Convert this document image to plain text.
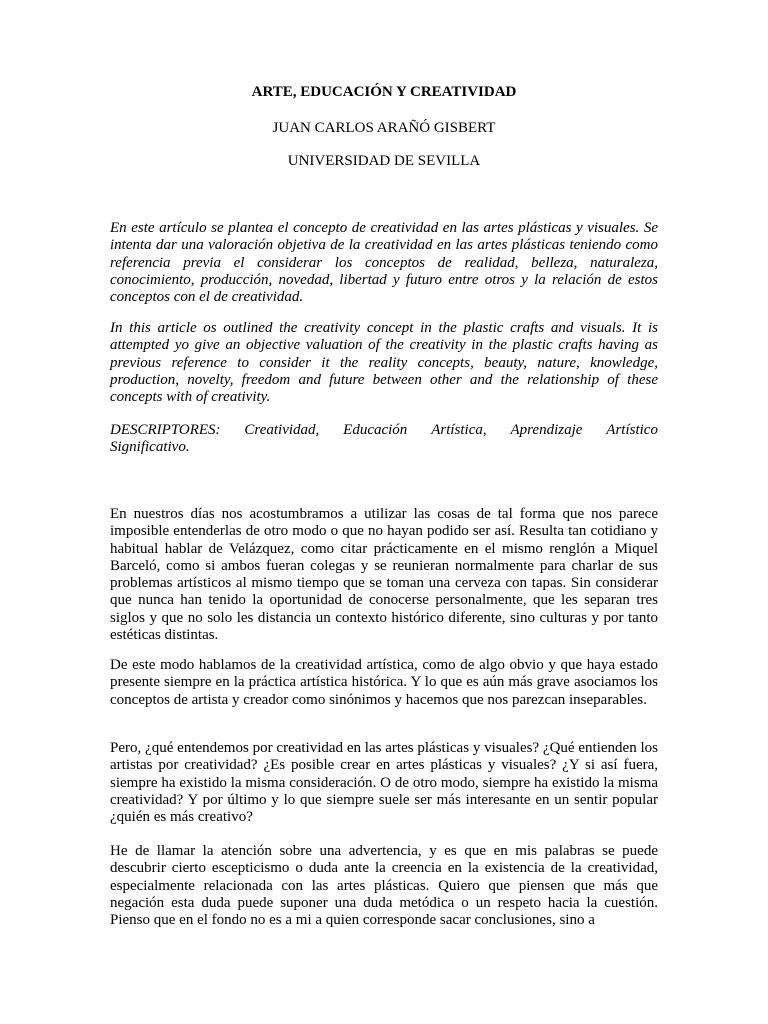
ARTE, EDUCACIÓN Y CREATIVIDAD
JUAN CARLOS ARAÑÓ GISBERT
UNIVERSIDAD DE SEVILLA

En este artículo se plantea el concepto de creatividad en las artes plásticas y visuales. Se intenta dar una valoración objetiva de la creatividad en las artes plásticas teniendo como referencia previa el considerar los conceptos de realidad, belleza, naturaleza, conocimiento, producción, novedad, libertad y futuro entre otros y la relación de estos conceptos con el de creatividad.

In this article os outlined the creativity concept in the plastic crafts and visuals. It is attempted yo give an objective valuation of the creativity in the plastic crafts having as previous reference to consider it the reality concepts, beauty, nature, knowledge, production, novelty, freedom and future between other and the relationship of these concepts with of creativity.

DESCRIPTORES: Creatividad, Educación Artística, Aprendizaje Artístico
Significativo.

En nuestros días nos acostumbramos a utilizar las cosas de tal forma que nos parece imposible entenderlas de otro modo o que no hayan podido ser así. Resulta tan cotidiano y habitual hablar de Velázquez, como citar prácticamente en el mismo renglón a Miquel Barceló, como si ambos fueran colegas y se reunieran normalmente para charlar de sus problemas artísticos al mismo tiempo que se toman una cerveza con tapas. Sin considerar que nunca han tenido la oportunidad de conocerse personalmente, que les separan tres siglos y que no solo les distancia un contexto histórico diferente, sino culturas y por tanto estéticas distintas.

De este modo hablamos de la creatividad artística, como de algo obvio y que haya estado presente siempre en la práctica artística histórica. Y lo que es aún más grave asociamos los conceptos de artista y creador como sinónimos y hacemos que nos parezcan inseparables.

Pero, ¿qué entendemos por creatividad en las artes plásticas y visuales? ¿Qué entienden los artistas por creatividad? ¿Es posible crear en artes plásticas y visuales? ¿Y si así fuera, siempre ha existido la misma consideración. O de otro modo, siempre ha existido la misma creatividad? Y por último y lo que siempre suele ser más interesante en un sentir popular ¿quién es más creativo?

He de llamar la atención sobre una advertencia, y es que en mis palabras se puede descubrir cierto escepticismo o duda ante la creencia en la existencia de la creatividad, especialmente relacionada con las artes plásticas. Quiero que piensen que más que negación esta duda puede suponer una duda metódica o un respeto hacia la cuestión. Pienso que en el fondo no es a mi a quien corresponde sacar conclusiones, sino a
